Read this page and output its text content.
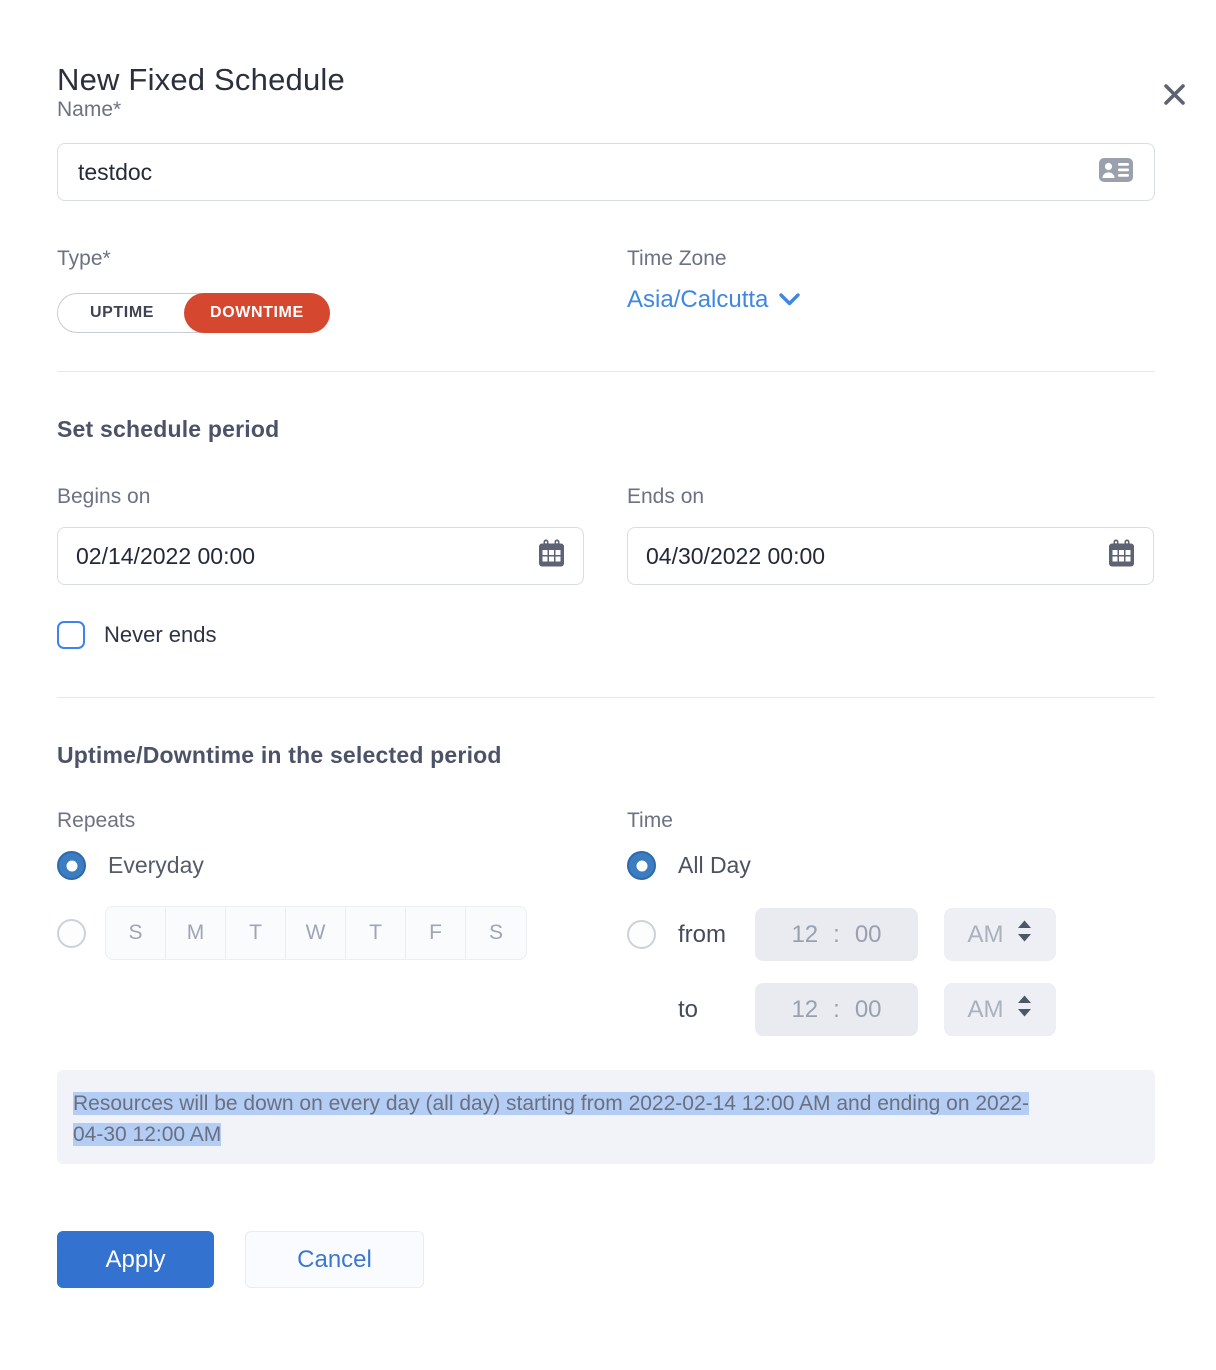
New Fixed Schedule
Name*
testdoc
Type*
UPTIME	DOWNTIME
Time Zone
Asia/Calcutta
Set schedule period
Begins on
02/14/2022 00:00	Ends on
04/30/2022 00:00
Never ends
Uptime/Downtime in the selected period
Repeats
Everyday
S	M	T	W	T	F	S
Time
All Day
from	12 : 00	AM
to	12 : 00	AM
Resources will be down on every day (all day) starting from 2022-02-14 12:00 AM and ending on 2022-04-30 12:00 AM
Apply	Cancel
